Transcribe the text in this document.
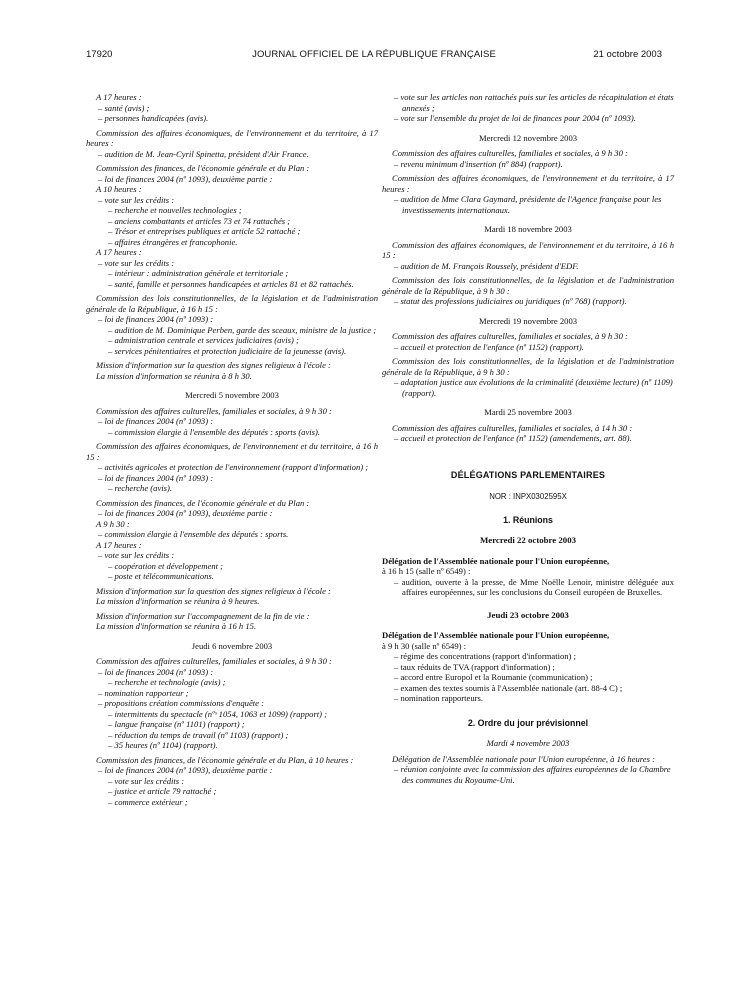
17920	JOURNAL OFFICIEL DE LA RÉPUBLIQUE FRANÇAISE	21 octobre 2003

A 17 heures :

– santé (avis) ;

– personnes handicapées (avis).

Commission des affaires économiques, de l'environnement et du territoire, à 17 heures :

– audition de M. Jean-Cyril Spinetta, président d'Air France.

Commission des finances, de l'économie générale et du Plan :

– loi de finances 2004 (nº 1093), deuxième partie :

A 10 heures :

– vote sur les crédits :

– recherche et nouvelles technologies ;

– anciens combattants et articles 73 et 74 rattachés ;

– Trésor et entreprises publiques et article 52 rattaché ;

– affaires étrangères et francophonie.

A 17 heures :

– vote sur les crédits :

– intérieur : administration générale et territoriale ;

– santé, famille et personnes handicapées et articles 81 et 82 rattachés.

Commission des lois constitutionnelles, de la législation et de l'administration générale de la République, à 16 h 15 :

– loi de finances 2004 (nº 1093) :

– audition de M. Dominique Perben, garde des sceaux, ministre de la justice ;

– administration centrale et services judiciaires (avis) ;

– services pénitentiaires et protection judiciaire de la jeunesse (avis).

Mission d'information sur la question des signes religieux à l'école :

La mission d'information se réunira à 8 h 30.

Mercredi 5 novembre 2003

Commission des affaires culturelles, familiales et sociales, à 9 h 30 :

– loi de finances 2004 (nº 1093) :

– commission élargie à l'ensemble des députés : sports (avis).

Commission des affaires économiques, de l'environnement et du territoire, à 16 h 15 :

– activités agricoles et protection de l'environnement (rapport d'information) ;

– loi de finances 2004 (nº 1093) :

– recherche (avis).

Commission des finances, de l'économie générale et du Plan :

– loi de finances 2004 (nº 1093), deuxième partie :

A 9 h 30 :

– commission élargie à l'ensemble des députés : sports.

A 17 heures :

– vote sur les crédits :

– coopération et développement ;

– poste et télécommunications.

Mission d'information sur la question des signes religieux à l'école :

La mission d'information se réunira à 9 heures.

Mission d'information sur l'accompagnement de la fin de vie :

La mission d'information se réunira à 16 h 15.

Jeudi 6 novembre 2003

Commission des affaires culturelles, familiales et sociales, à 9 h 30 :

– loi de finances 2004 (nº 1093) :

– recherche et technologie (avis) ;

– nomination rapporteur ;

– propositions création commissions d'enquête :

– intermittents du spectacle (nºˢ 1054, 1063 et 1099) (rapport) ;

– langue française (nº 1101) (rapport) ;

– réduction du temps de travail (nº 1103) (rapport) ;

– 35 heures (nº 1104) (rapport).

Commission des finances, de l'économie générale et du Plan, à 10 heures :

– loi de finances 2004 (nº 1093), deuxième partie :

– vote sur les crédits :

– justice et article 79 rattaché ;

– commerce extérieur ;

– vote sur les articles non rattachés puis sur les articles de récapitulation et états annexés ;

– vote sur l'ensemble du projet de loi de finances pour 2004 (nº 1093).

Mercredi 12 novembre 2003

Commission des affaires culturelles, familiales et sociales, à 9 h 30 :

– revenu minimum d'insertion (nº 884) (rapport).

Commission des affaires économiques, de l'environnement et du territoire, à 17 heures :

– audition de Mme Clara Gaymard, présidente de l'Agence française pour les investissements internationaux.

Mardi 18 novembre 2003

Commission des affaires économiques, de l'environnement et du territoire, à 16 h 15 :

– audition de M. François Roussely, président d'EDF.

Commission des lois constitutionnelles, de la législation et de l'administration générale de la République, à 9 h 30 :

– statut des professions judiciaires ou juridiques (nº 768) (rapport).

Mercredi 19 novembre 2003

Commission des affaires culturelles, familiales et sociales, à 9 h 30 :

– accueil et protection de l'enfance (nº 1152) (rapport).

Commission des lois constitutionnelles, de la législation et de l'administration générale de la République, à 9 h 30 :

– adaptation justice aux évolutions de la criminalité (deuxième lecture) (nº 1109) (rapport).

Mardi 25 novembre 2003

Commission des affaires culturelles, familiales et sociales, à 14 h 30 :

– accueil et protection de l'enfance (nº 1152) (amendements, art. 88).

DÉLÉGATIONS PARLEMENTAIRES

NOR : INPX0302595X

1. Réunions

Mercredi 22 octobre 2003

Délégation de l'Assemblée nationale pour l'Union européenne,
à 16 h 15 (salle nº 6549) :

– audition, ouverte à la presse, de Mme Noëlle Lenoir, ministre déléguée aux affaires européennes, sur les conclusions du Conseil européen de Bruxelles.

Jeudi 23 octobre 2003

Délégation de l'Assemblée nationale pour l'Union européenne,
à 9 h 30 (salle nº 6549) :

– régime des concentrations (rapport d'information) ;

– taux réduits de TVA (rapport d'information) ;

– accord entre Europol et la Roumanie (communication) ;

– examen des textes soumis à l'Assemblée nationale (art. 88-4 C) ;

– nomination rapporteurs.

2. Ordre du jour prévisionnel

Mardi 4 novembre 2003

Délégation de l'Assemblée nationale pour l'Union européenne, à 16 heures :

– réunion conjointe avec la commission des affaires européennes de la Chambre des communes du Royaume-Uni.
